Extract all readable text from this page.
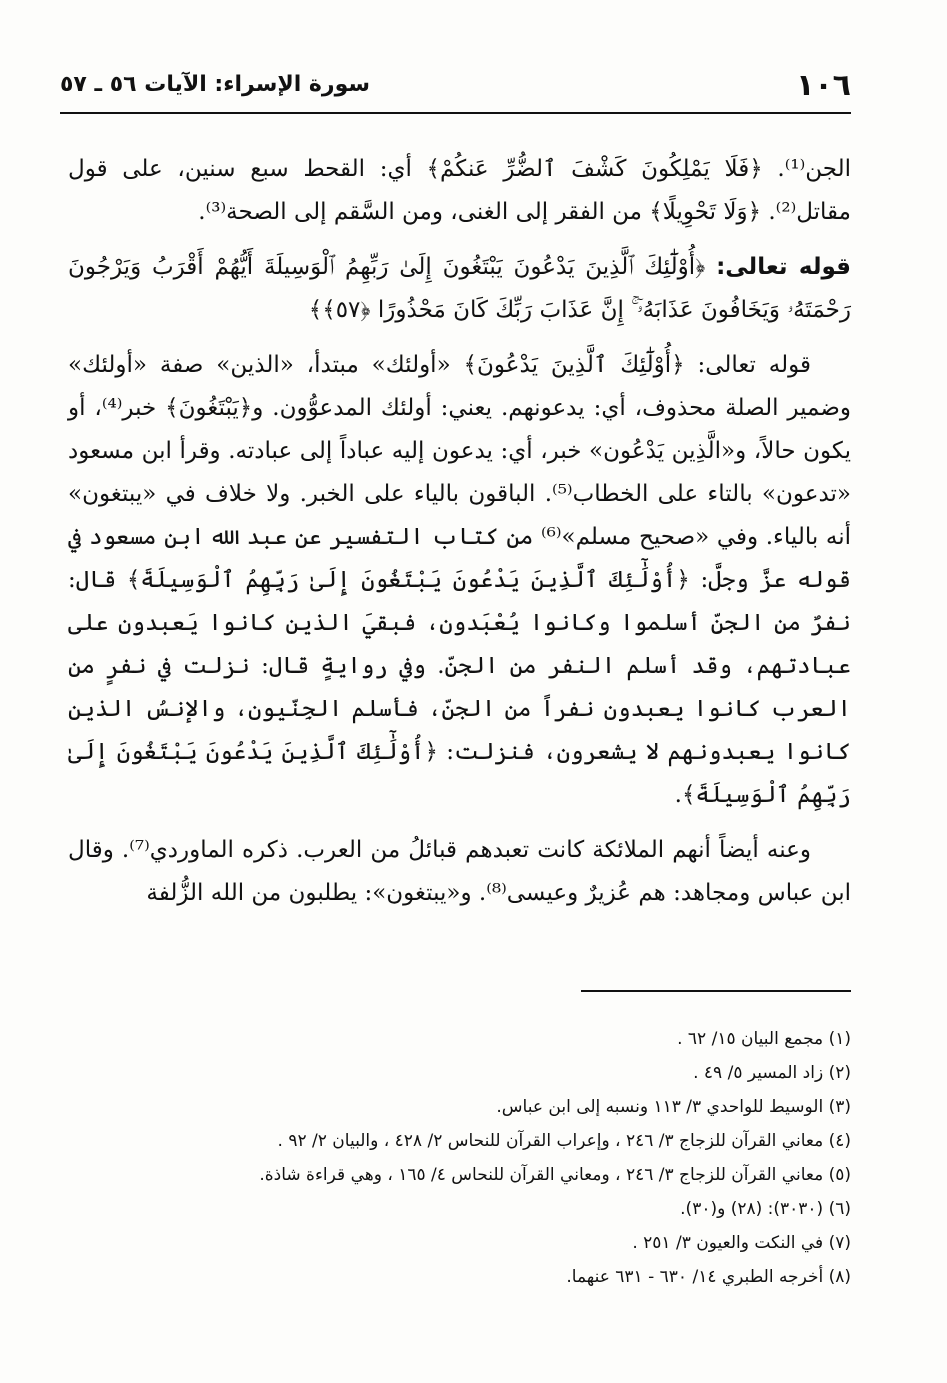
١٠٦
سورة الإسراء: الآيات ٥٦ ـ ٥٧

الجن⁽¹⁾. ﴿فَلَا يَمْلِكُونَ كَشْفَ ٱلضُّرِّ عَنكُمْ﴾ أي: القحط سبع سنين، على قول مقاتل⁽²⁾. ﴿وَلَا تَحْوِيلًا﴾ من الفقر إلى الغنى، ومن السَّقم إلى الصحة⁽³⁾.

قوله تعالى: ﴿أُوْلَٰٓئِكَ ٱلَّذِينَ يَدْعُونَ يَبْتَغُونَ إِلَىٰ رَبِّهِمُ ٱلْوَسِيلَةَ أَيُّهُمْ أَقْرَبُ وَيَرْجُونَ رَحْمَتَهُۥ وَيَخَافُونَ عَذَابَهُۥٓ ۚ إِنَّ عَذَابَ رَبِّكَ كَانَ مَحْذُورًا ﴿٥٧﴾﴾

قوله تعالى: ﴿أُوْلَٰٓئِكَ ٱلَّذِينَ يَدْعُونَ﴾ «أولئك» مبتدأ، «الذين» صفة «أولئك» وضمير الصلة محذوف، أي: يدعونهم. يعني: أولئك المدعوُّون. و﴿يَبْتَغُونَ﴾ خبر⁽⁴⁾، أو يكون حالاً، و«الَّذِين يَدْعُون» خبر، أي: يدعون إليه عباداً إلى عبادته. وقرأ ابن مسعود «تدعون» بالتاء على الخطاب⁽⁵⁾. الباقون بالياء على الخبر. ولا خلاف في «يبتغون» أنه بالياء. وفي «صحيح مسلم»⁽⁶⁾ من كتاب التفسير عن عبد الله ابن مسعود في قوله عزَّ وجلَّ: ﴿أُوْلَٰٓئِكَ ٱلَّذِينَ يَدْعُونَ يَبْتَغُونَ إِلَىٰ رَبِّهِمُ ٱلْوَسِيلَةَ﴾ قال: نفرٌ من الجنِّ أسلموا وكانوا يُعْبَدون، فبقيَ الذين كانوا يَعبدون على عبادتهم، وقد أسلم النفر من الجنّ. وفي روايةٍ قال: نزلت في نفرٍ من العرب كانوا يعبدون نفراً من الجنّ، فأسلم الجِنّيون، والإنسُ الذين كانوا يعبدونهم لا يشعرون، فنزلت: ﴿أُوْلَٰٓئِكَ ٱلَّذِينَ يَدْعُونَ يَبْتَغُونَ إِلَىٰ رَبِّهِمُ ٱلْوَسِيلَةَ﴾.

وعنه أيضاً أنهم الملائكة كانت تعبدهم قبائلُ من العرب. ذكره الماوردي⁽⁷⁾. وقال ابن عباس ومجاهد: هم عُزيرٌ وعيسى⁽⁸⁾. و«يبتغون»: يطلبون من الله الزُّلفة

(١) مجمع البيان ١٥/ ٦٢ .
(٢) زاد المسير ٥/ ٤٩ .
(٣) الوسيط للواحدي ٣/ ١١٣ ونسبه إلى ابن عباس.
(٤) معاني القرآن للزجاج ٣/ ٢٤٦ ، وإعراب القرآن للنحاس ٢/ ٤٢٨ ، والبيان ٢/ ٩٢ .
(٥) معاني القرآن للزجاج ٣/ ٢٤٦ ، ومعاني القرآن للنحاس ٤/ ١٦٥ ، وهي قراءة شاذة.
(٦) (٣٠٣٠): (٢٨) و(٣٠).
(٧) في النكت والعيون ٣/ ٢٥١ .
(٨) أخرجه الطبري ١٤/ ٦٣٠ - ٦٣١ عنهما.
